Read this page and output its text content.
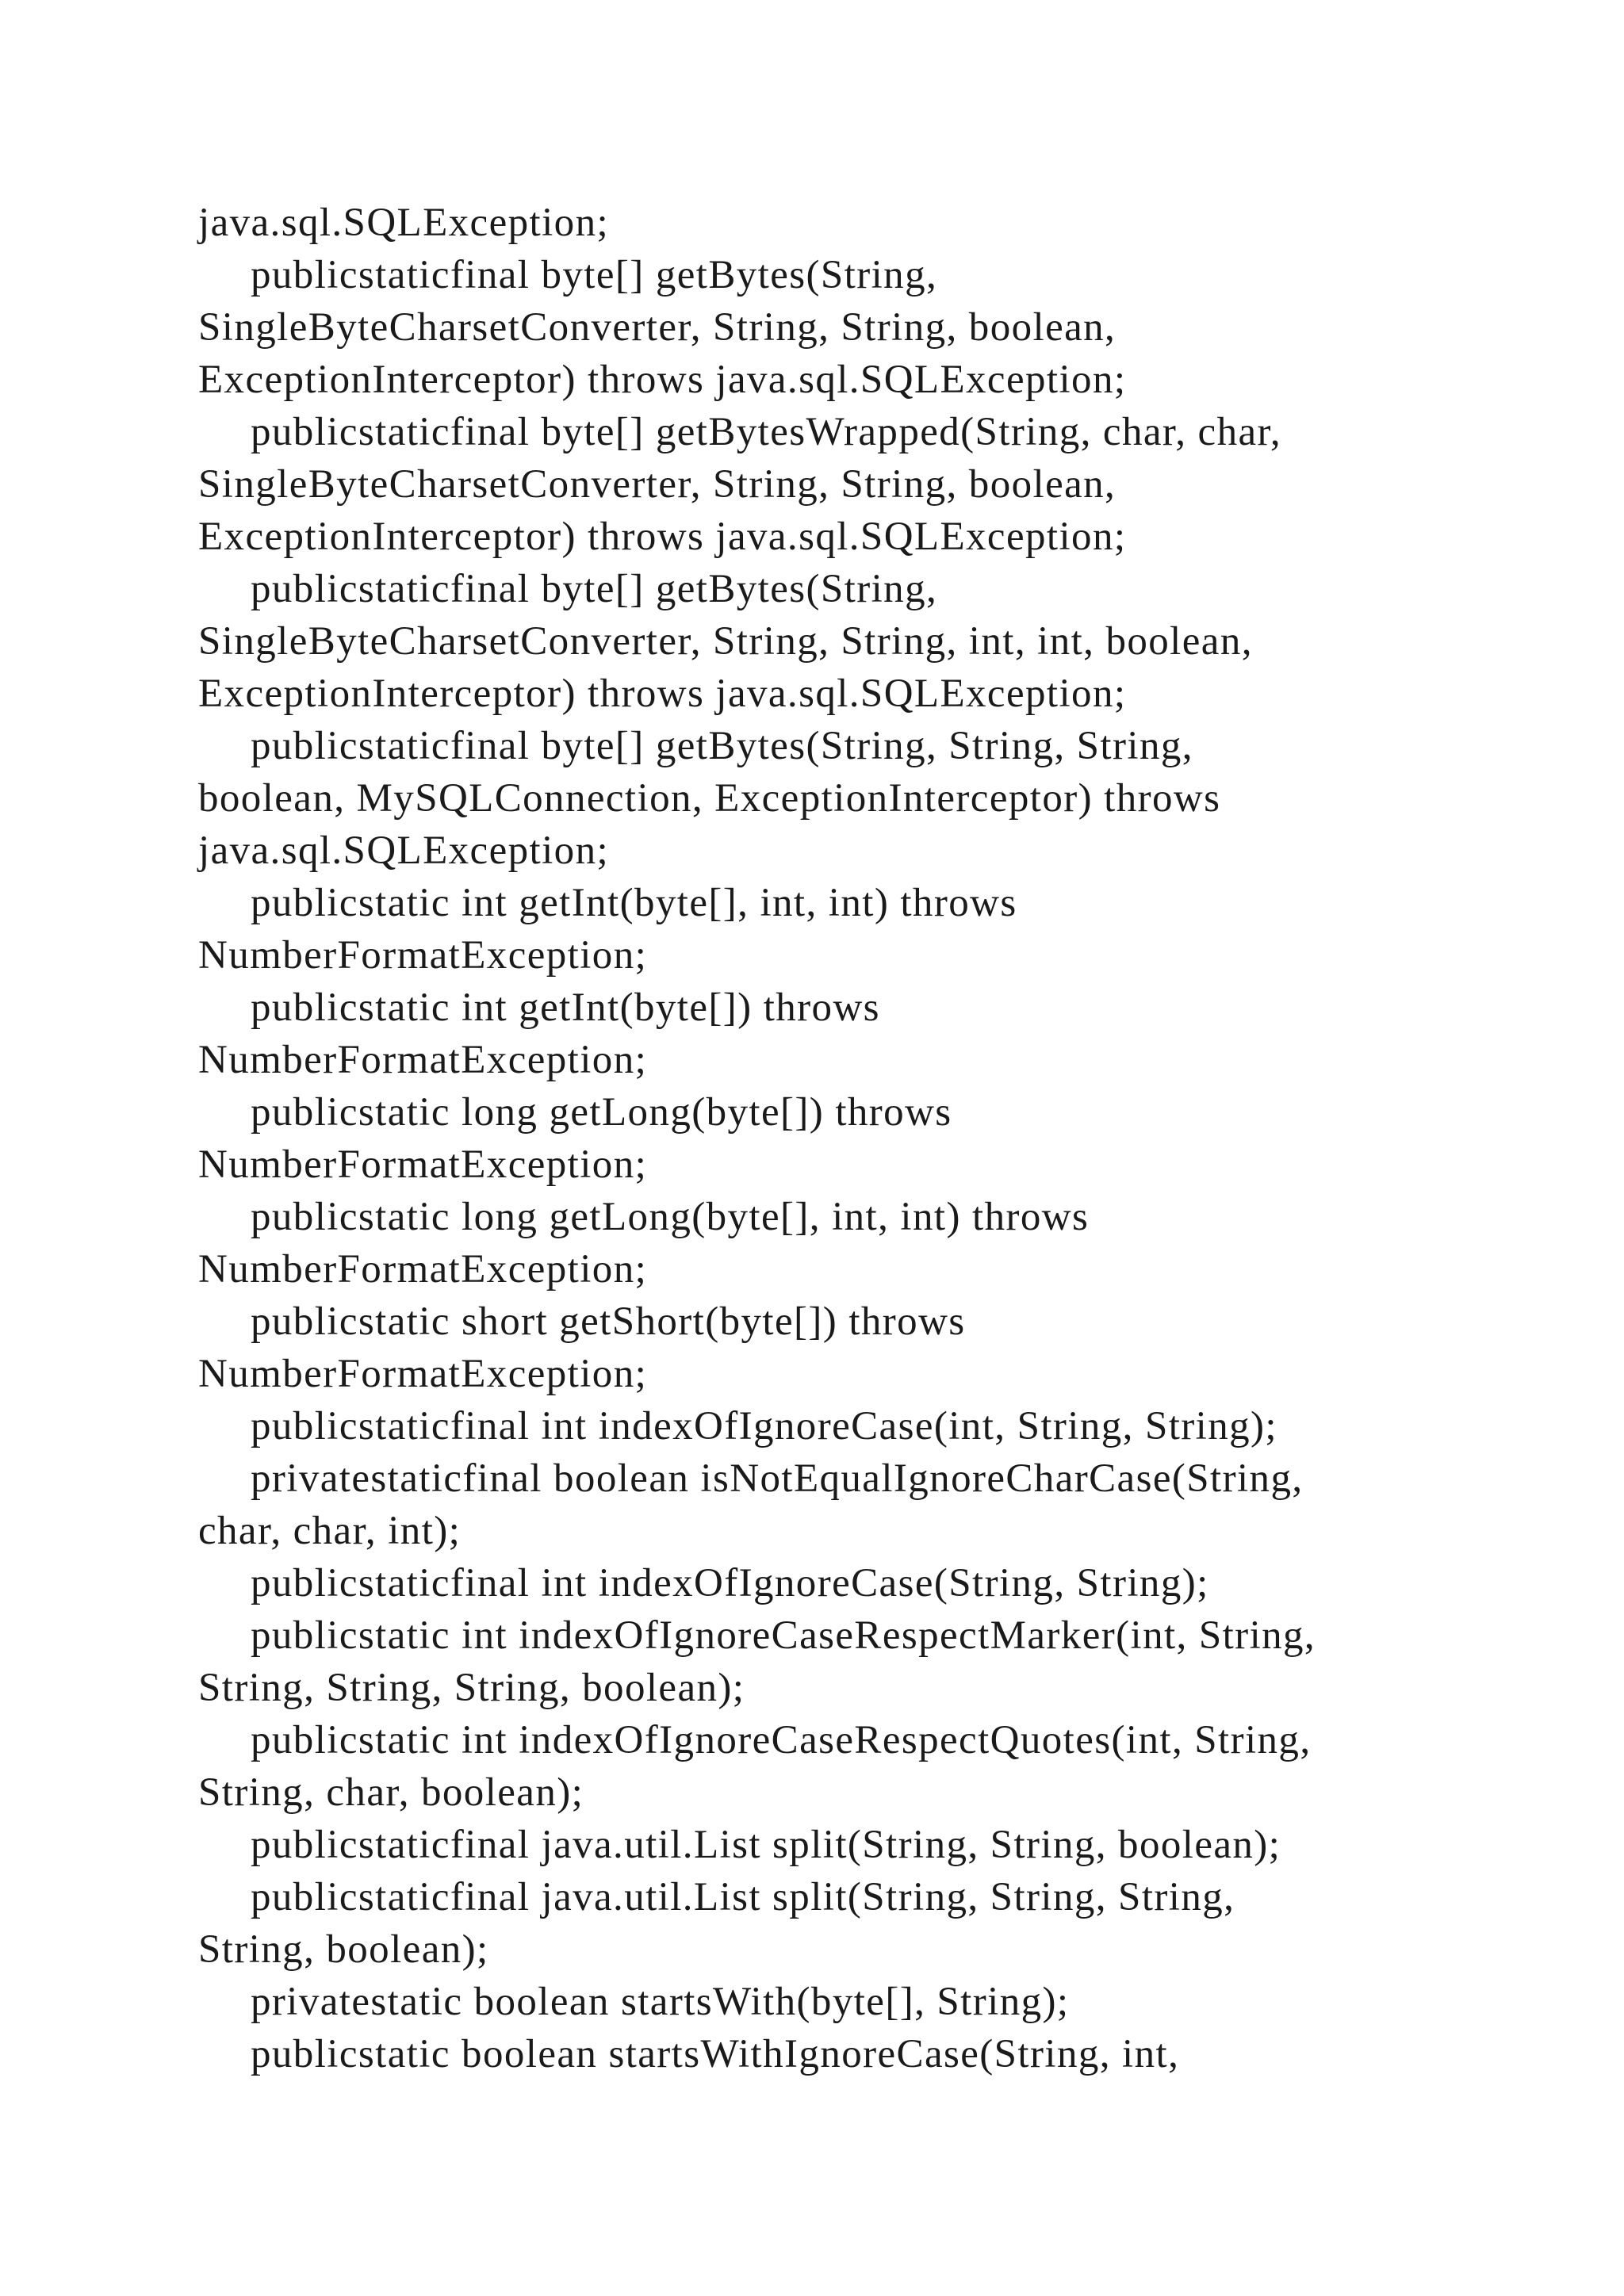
java.sql.SQLException;
publicstaticfinal byte[] getBytes(String,
SingleByteCharsetConverter, String, String, boolean,
ExceptionInterceptor) throws java.sql.SQLException;
publicstaticfinal byte[] getBytesWrapped(String, char, char,
SingleByteCharsetConverter, String, String, boolean,
ExceptionInterceptor) throws java.sql.SQLException;
publicstaticfinal byte[] getBytes(String,
SingleByteCharsetConverter, String, String, int, int, boolean,
ExceptionInterceptor) throws java.sql.SQLException;
publicstaticfinal byte[] getBytes(String, String, String,
boolean, MySQLConnection, ExceptionInterceptor) throws
java.sql.SQLException;
publicstatic int getInt(byte[], int, int) throws
NumberFormatException;
publicstatic int getInt(byte[]) throws
NumberFormatException;
publicstatic long getLong(byte[]) throws
NumberFormatException;
publicstatic long getLong(byte[], int, int) throws
NumberFormatException;
publicstatic short getShort(byte[]) throws
NumberFormatException;
publicstaticfinal int indexOfIgnoreCase(int, String, String);
privatestaticfinal boolean isNotEqualIgnoreCharCase(String,
char, char, int);
publicstaticfinal int indexOfIgnoreCase(String, String);
publicstatic int indexOfIgnoreCaseRespectMarker(int, String,
String, String, String, boolean);
publicstatic int indexOfIgnoreCaseRespectQuotes(int, String,
String, char, boolean);
publicstaticfinal java.util.List split(String, String, boolean);
publicstaticfinal java.util.List split(String, String, String,
String, boolean);
privatestatic boolean startsWith(byte[], String);
publicstatic boolean startsWithIgnoreCase(String, int,
